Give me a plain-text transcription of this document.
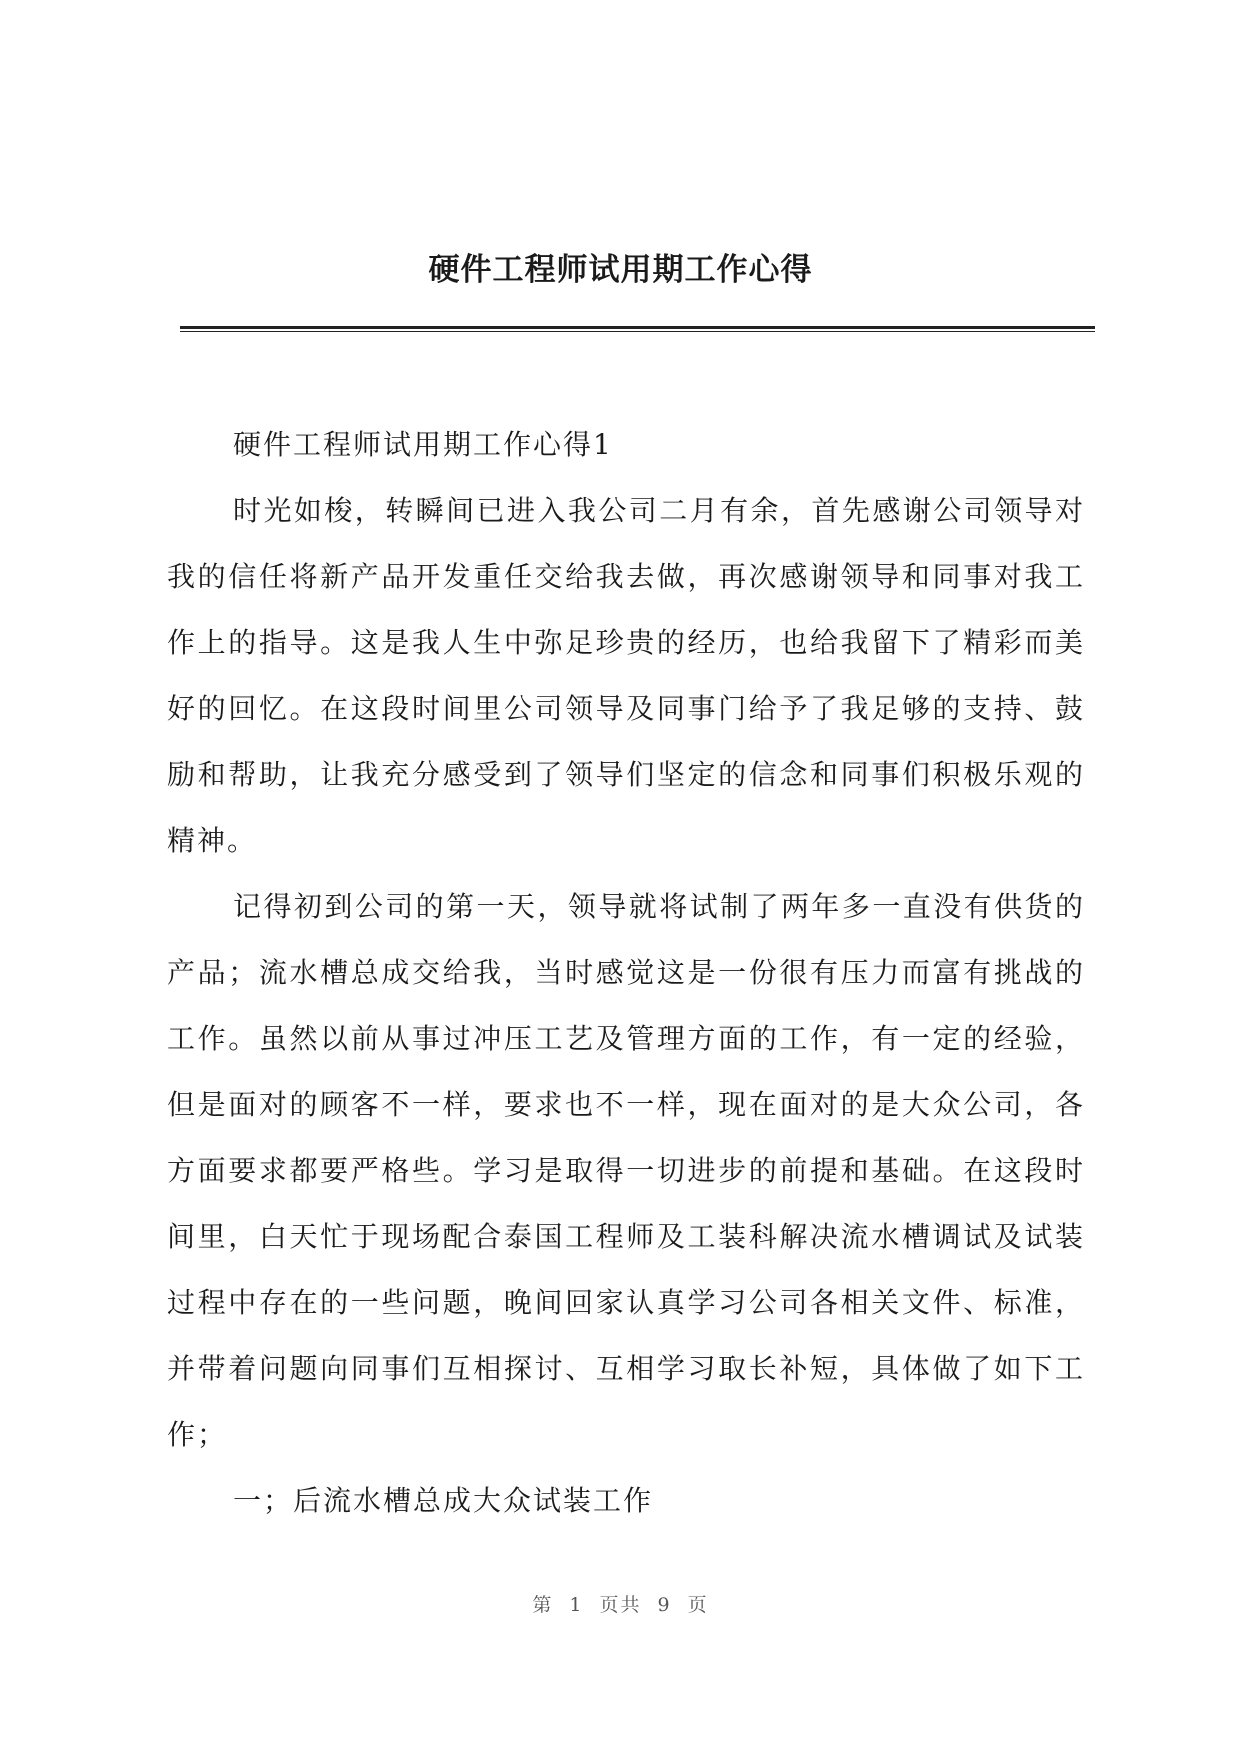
硬件工程师试用期工作心得

硬件工程师试用期工作心得1

时光如梭，转瞬间已进入我公司二月有余，首先感谢公司领导对我的信任将新产品开发重任交给我去做，再次感谢领导和同事对我工作上的指导。这是我人生中弥足珍贵的经历，也给我留下了精彩而美好的回忆。在这段时间里公司领导及同事门给予了我足够的支持、鼓励和帮助，让我充分感受到了领导们坚定的信念和同事们积极乐观的精神。

记得初到公司的第一天，领导就将试制了两年多一直没有供货的产品；流水槽总成交给我，当时感觉这是一份很有压力而富有挑战的工作。虽然以前从事过冲压工艺及管理方面的工作，有一定的经验，但是面对的顾客不一样，要求也不一样，现在面对的是大众公司，各方面要求都要严格些。学习是取得一切进步的前提和基础。在这段时间里，白天忙于现场配合泰国工程师及工装科解决流水槽调试及试装过程中存在的一些问题，晚间回家认真学习公司各相关文件、标准，并带着问题向同事们互相探讨、互相学习取长补短，具体做了如下工作；

一；后流水槽总成大众试装工作

第 1 页共 9 页
